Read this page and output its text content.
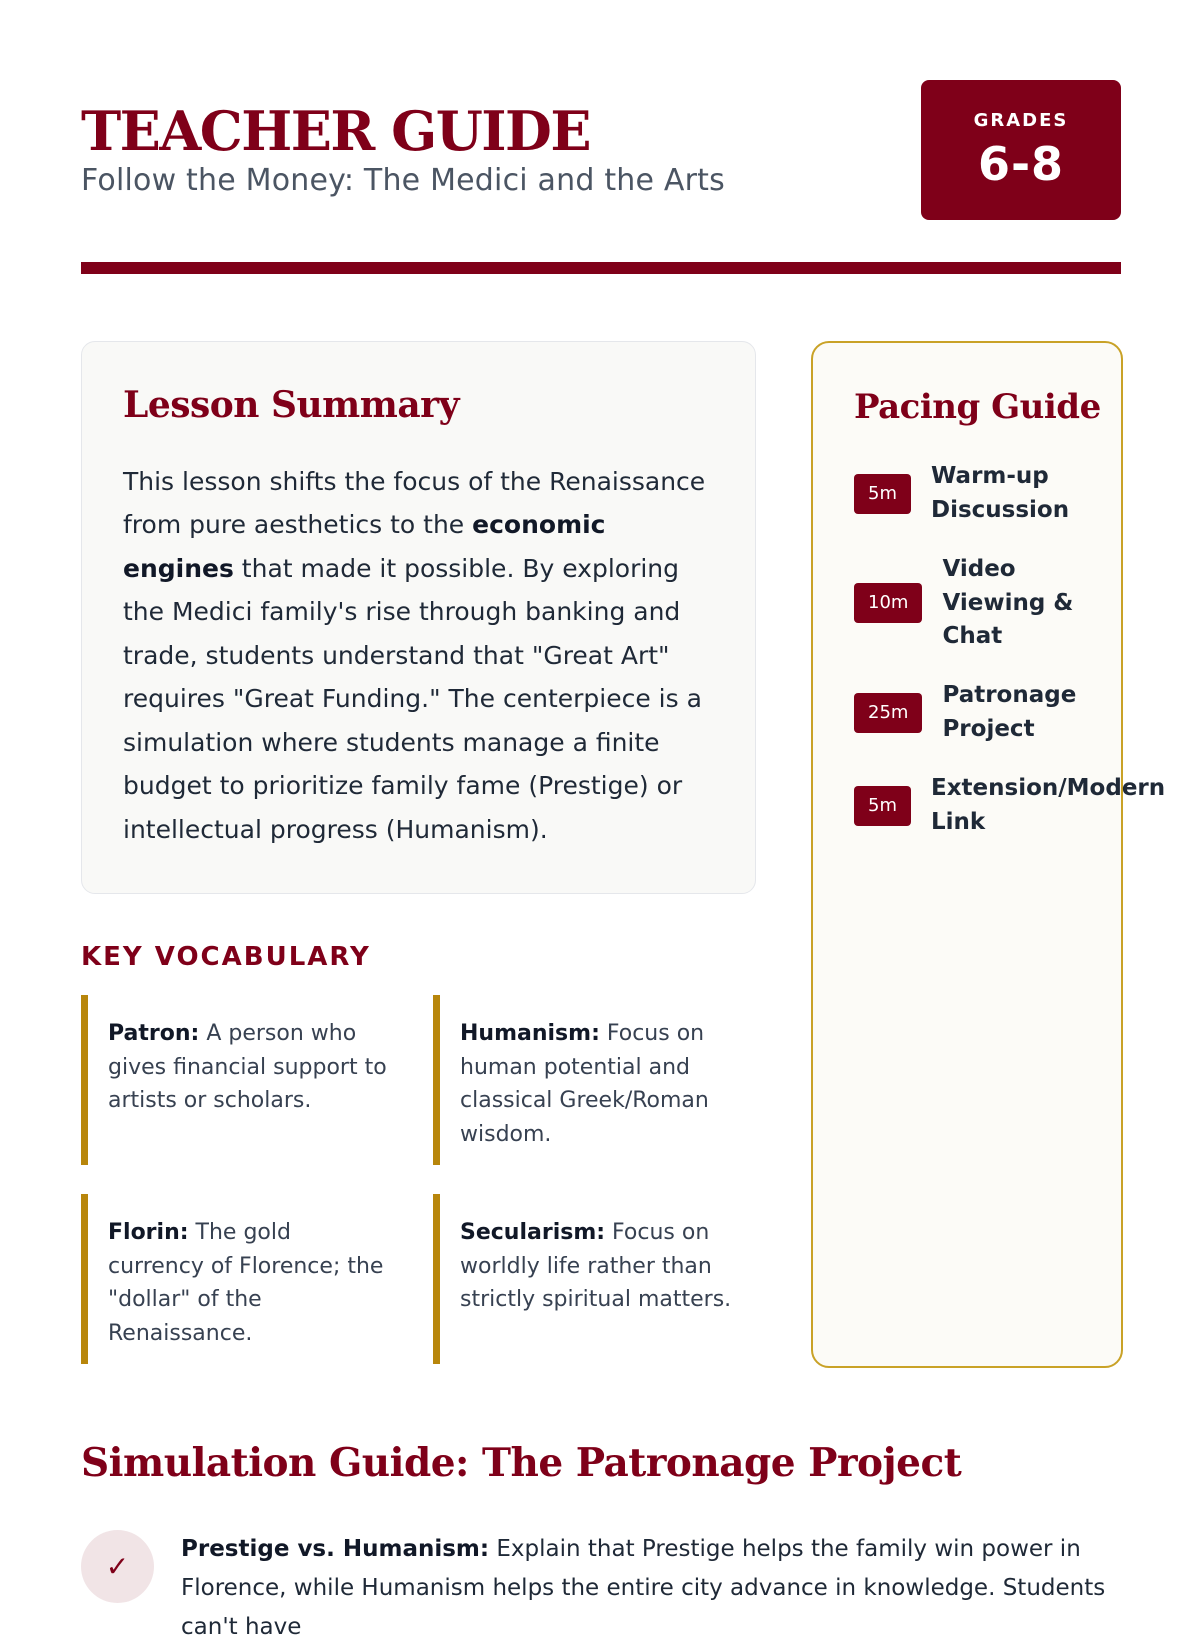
TEACHER GUIDE
Follow the Money: The Medici and the Arts
GRADES
6-8
Lesson Summary

This lesson shifts the focus of the Renaissance from pure aesthetics to the economic engines that made it possible. By exploring the Medici family's rise through banking and trade, students understand that "Great Art" requires "Great Funding." The centerpiece is a simulation where students manage a finite budget to prioritize family fame (Prestige) or intellectual progress (Humanism).

KEY VOCABULARY
Patron: A person who gives financial support to artists or scholars.
Humanism: Focus on human potential and classical Greek/Roman wisdom.
Florin: The gold currency of Florence; the "dollar" of the Renaissance.
Secularism: Focus on worldly life rather than strictly spiritual matters.
Pacing Guide
5m
Warm-up
Discussion
10m
Video
Viewing &
Chat
25m
Patronage
Project
5m
Extension/Modern
Link
Simulation Guide: The Patronage Project
✓
Prestige vs. Humanism: Explain that Prestige helps the family win power in Florence, while Humanism helps the entire city advance in knowledge. Students can't have
